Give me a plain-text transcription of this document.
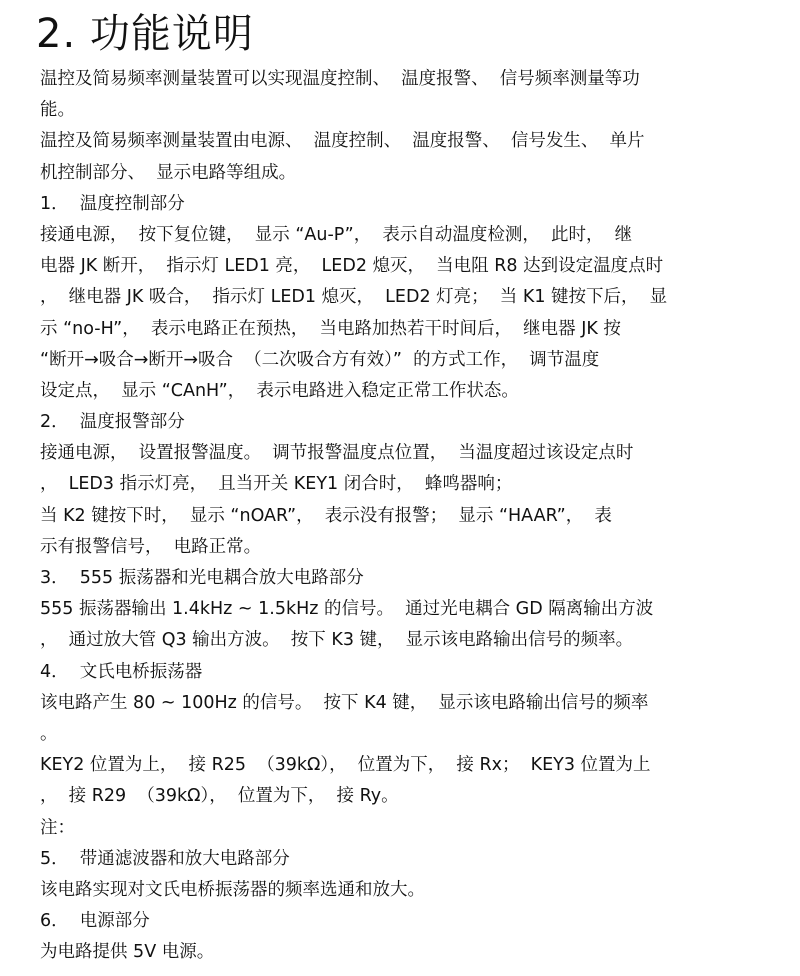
2. 功能说明
温控及简易频率测量装置可以实现温度控制、  温度报警、  信号频率测量等功
能。
温控及简易频率测量装置由电源、  温度控制、  温度报警、  信号发生、  单片
机控制部分、  显示电路等组成。
1．  温度控制部分
接通电源，  按下复位键，  显示 “Au-P”，  表示自动温度检测，  此时，  继
电器 JK 断开，  指示灯 LED1 亮，  LED2 熄灭，  当电阻 R8 达到设定温度点时
，  继电器 JK 吸合，  指示灯 LED1 熄灭，  LED2 灯亮；  当 K1 键按下后，  显
示 “no-H”，  表示电路正在预热，  当电路加热若干时间后，  继电器 JK 按
“断开→吸合→断开→吸合  （二次吸合方有效）”  的方式工作，  调节温度
设定点，  显示 “CAnH”，  表示电路进入稳定正常工作状态。
2．  温度报警部分
接通电源，  设置报警温度。  调节报警温度点位置，  当温度超过该设定点时
，  LED3 指示灯亮，  且当开关 KEY1 闭合时，  蜂鸣器响；
当 K2 键按下时，  显示 “nOAR”，  表示没有报警；  显示 “HAAR”，  表
示有报警信号，  电路正常。
3．  555 振荡器和光电耦合放大电路部分
555 振荡器输出 1.4kHz ~ 1.5kHz 的信号。  通过光电耦合 GD 隔离输出方波
，  通过放大管 Q3 输出方波。  按下 K3 键，  显示该电路输出信号的频率。
4．  文氏电桥振荡器
该电路产生 80 ~ 100Hz 的信号。  按下 K4 键，  显示该电路输出信号的频率
。
KEY2 位置为上，  接 R25  （39kΩ），  位置为下，  接 Rx；  KEY3 位置为上
，  接 R29  （39kΩ），  位置为下，  接 Ry。
注：
5．  带通滤波器和放大电路部分
该电路实现对文氏电桥振荡器的频率选通和放大。
6．  电源部分
为电路提供 5V 电源。
